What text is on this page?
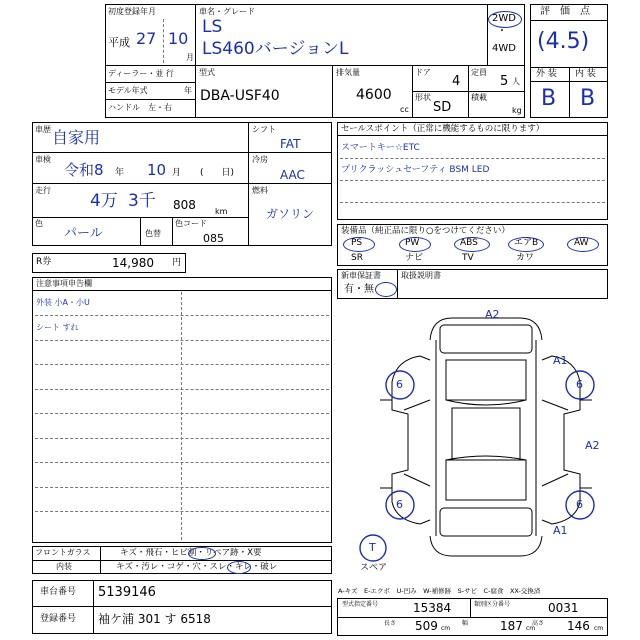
初度登録年月
平成 27 10
月
車名・グレード
LS
LS460バージョンL
2WD
・
4WD
ディーラー・並 行
モデル年式	年
ハンドル　左・右
型式
DBA-USF40
排気量
4600
cc
ドア
4
形状
SD
定員
5 人
積載
kg
評　価　点
(4.5)
外 装 内 装
B B
車歴 自家用
車検
令和8 年 10 月 (　　日)
走行
4万 3千 808 km
色
パール	色替
色コード
085
シフト
FAT
冷房
AAC
燃料
ガソリン
R券	14,980 円
セールスポイント（正常に機能するものに限ります）
スマートキー☆ETC
プリクラッシュセーフティ BSM LED
装備品（純正品に限り○をつけてください）
PS	PW	ABS	エアB	AW
SR	ナビ	TV	カワ
新車保証書	取扱説明書
有・無
注意事項申告欄
外装 小A・小U
シート すれ
A2
A1
A2
A1
6	6
6	6
T
スペア
A-キズ　E-エクボ　U-凹み　W-補修跡　S-サビ　C-腐食　XX-交換済
フロントガラス	キズ・飛石・ヒビ割・リペア跡・X要
内装	キズ・汚レ・コゲ・穴・スレ・キレ・破レ
車台番号 5139146
登録番号 袖ケ浦 301 す 6518
型式指定番号	15384	類別区分番号	0031
長さ 509 cm
幅	187 cm
高さ 146 cm
